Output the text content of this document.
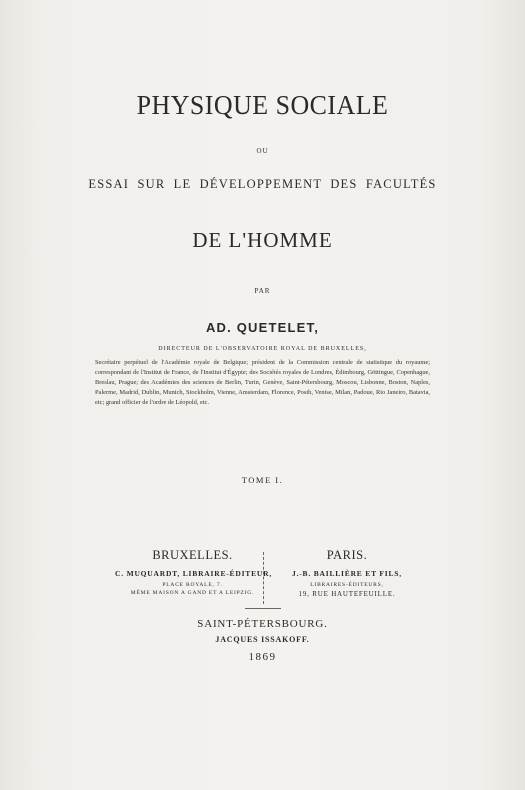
PHYSIQUE SOCIALE
OU
ESSAI SUR LE DÉVELOPPEMENT DES FACULTÉS
DE L'HOMME
PAR
AD. QUETELET,
DIRECTEUR DE L'OBSERVATOIRE ROYAL DE BRUXELLES,
Secrétaire perpétuel de l'Académie royale de Belgique; président de la Commission centrale de statistique du royaume; correspondant de l'Institut de France, de l'Institut d'Égypte; des Sociétés royales de Londres, Édimbourg, Göttingue, Copenhague, Breslau, Prague; des Académies des sciences de Berlin, Turin, Genève, Saint-Pétersbourg, Moscou, Lisbonne, Boston, Naples, Palerme, Madrid, Dublin, Munich, Stockholm, Vienne, Amsterdam, Florence, Posth, Venise, Milan, Padoue, Rio Janeiro, Batavia, etc; grand officier de l'ordre de Léopold, etc.
TOME I.
BRUXELLES.
C. MUQUARDT, LIBRAIRE-ÉDITEUR,
PLACE ROYALE, 7.
MÊME MAISON A GAND ET A LEIPZIG.
PARIS.
J.-B. BAILLIÈRE ET FILS,
LIBRAIRES-ÉDITEURS,
19, RUE HAUTEFEUILLE.
SAINT-PÉTERSBOURG.
JACQUES ISSAKOFF.
1869
